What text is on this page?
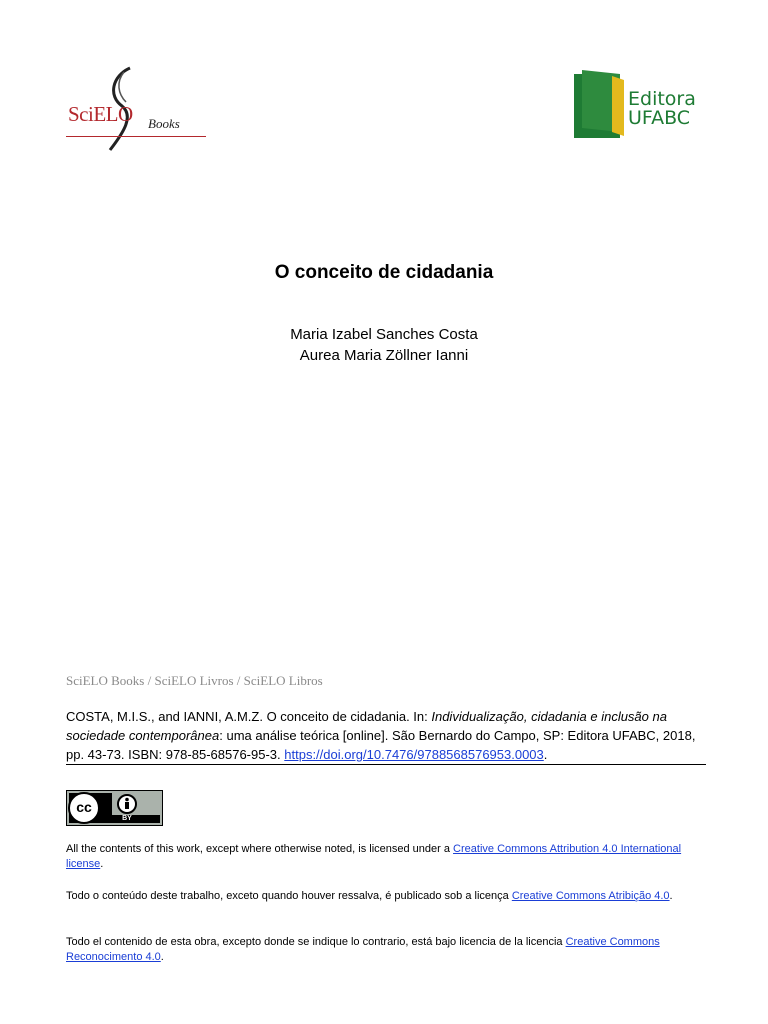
SciELO Books
Editora
UFABC
O conceito de cidadania
Maria Izabel Sanches Costa
Aurea Maria Zöllner Ianni
SciELO Books / SciELO Livros / SciELO Libros
COSTA, M.I.S., and IANNI, A.M.Z. O conceito de cidadania. In: Individualização, cidadania e inclusão na sociedade contemporânea: uma análise teórica [online]. São Bernardo do Campo, SP: Editora UFABC, 2018, pp. 43-73. ISBN: 978-85-68576-95-3. https://doi.org/10.7476/9788568576953.0003.
cc
BY
All the contents of this work, except where otherwise noted, is licensed under a Creative Commons Attribution 4.0 International license.
Todo o conteúdo deste trabalho, exceto quando houver ressalva, é publicado sob a licença Creative Commons Atribição 4.0.
Todo el contenido de esta obra, excepto donde se indique lo contrario, está bajo licencia de la licencia Creative Commons Reconocimento 4.0.
